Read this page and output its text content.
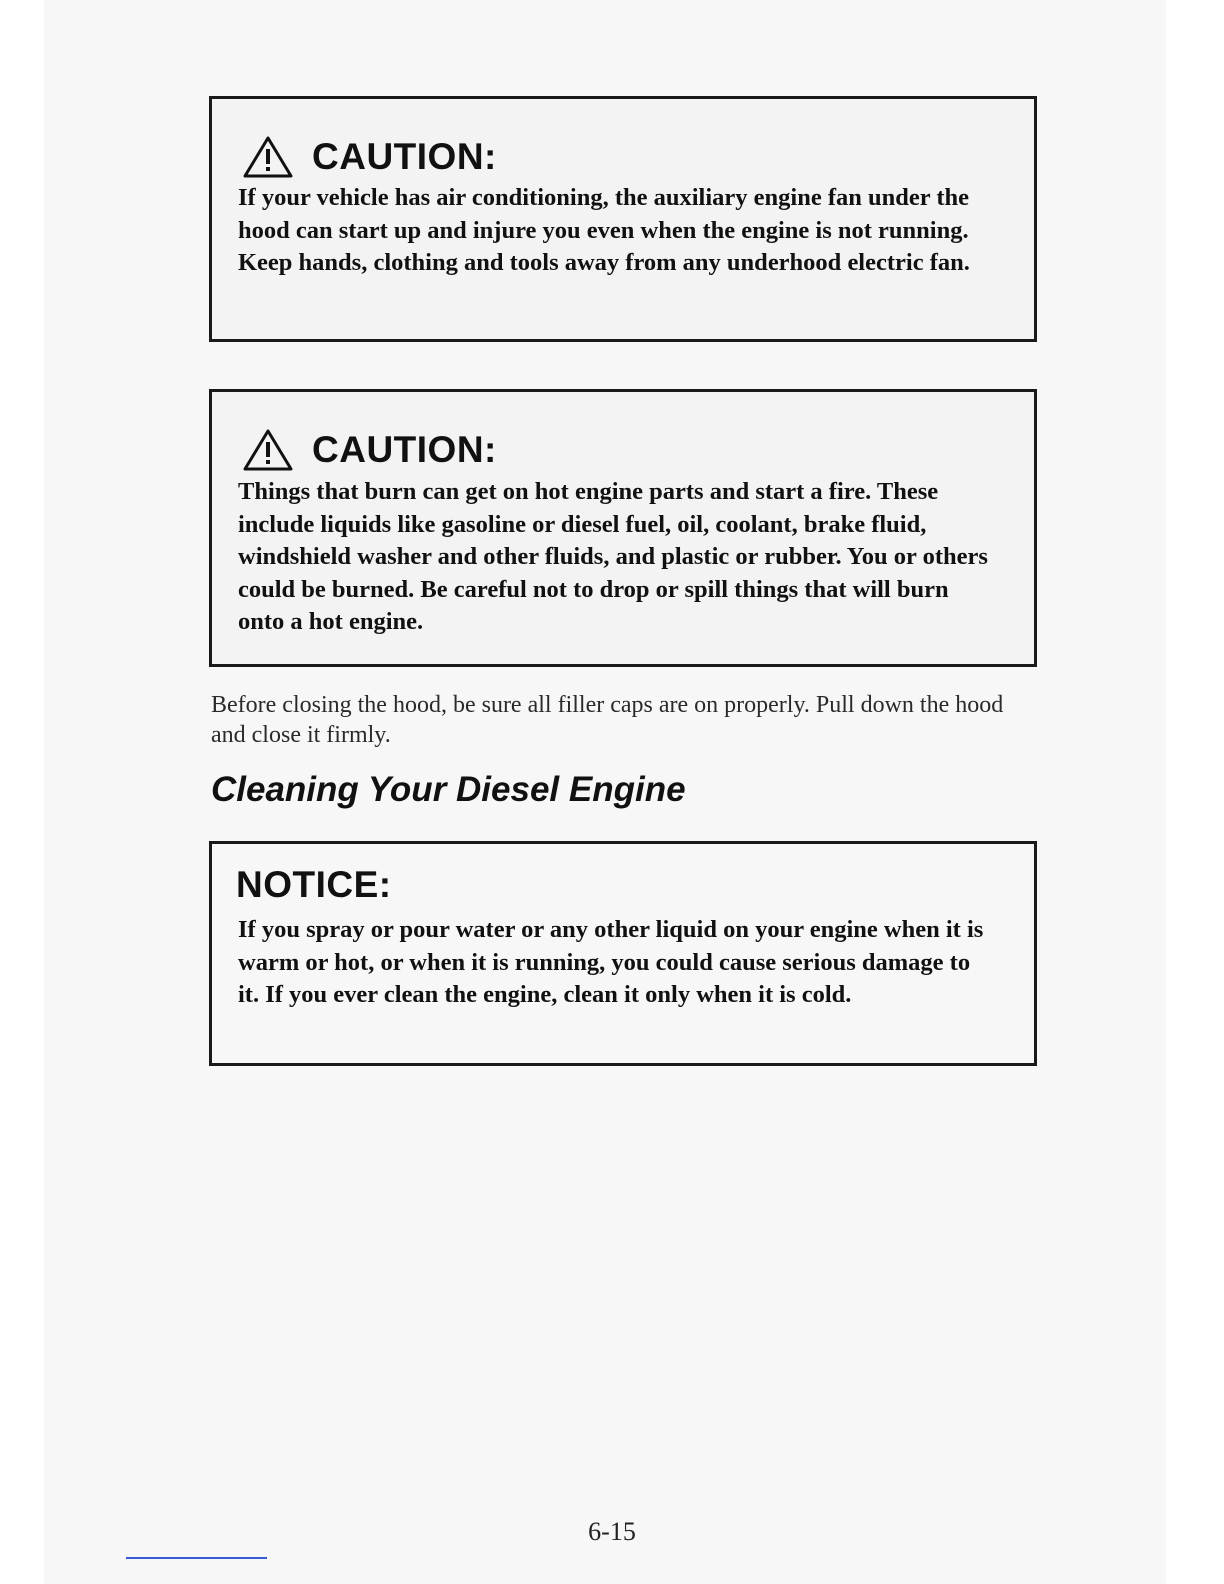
CAUTION:

If your vehicle has air conditioning, the auxiliary engine fan under the hood can start up and injure you even when the engine is not running. Keep hands, clothing and tools away from any underhood electric fan.

CAUTION:

Things that burn can get on hot engine parts and start a fire. These include liquids like gasoline or diesel fuel, oil, coolant, brake fluid, windshield washer and other fluids, and plastic or rubber. You or others could be burned. Be careful not to drop or spill things that will burn onto a hot engine.

Before closing the hood, be sure all filler caps are on properly. Pull down the hood and close it firmly.

Cleaning Your Diesel Engine
NOTICE:

If you spray or pour water or any other liquid on your engine when it is warm or hot, or when it is running, you could cause serious damage to it. If you ever clean the engine, clean it only when it is cold.

6-15
